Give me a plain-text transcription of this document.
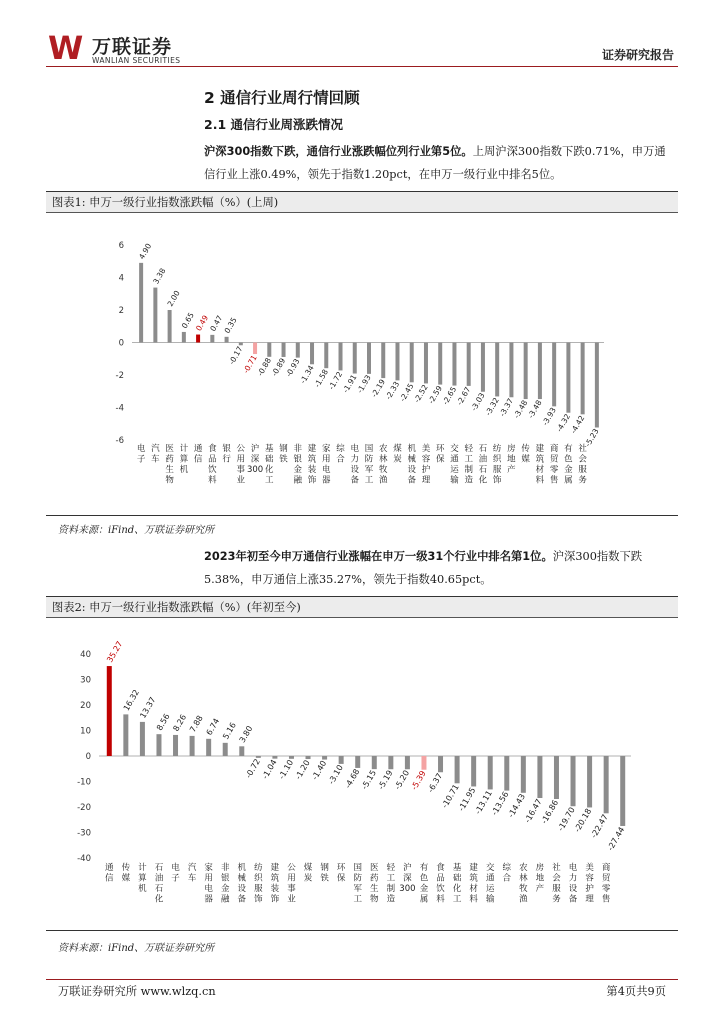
W 万联证券
WANLIAN SECURITIES	证券研究报告
2 通信行业周行情回顾
2.1 通信行业周涨跌情况
沪深300指数下跌，通信行业涨跌幅位列行业第5位。上周沪深300指数下跌0.71%，申万通信行业上涨0.49%，领先于指数1.20pct，在申万一级行业中排名5位。
图表1: 申万一级行业指数涨跌幅（%）(上周)
6
4
2
0
-2
-4
-6
4.90
3.38
2.00
0.65
0.49
0.47
0.35
-0.17
-0.71
-0.88
-0.89
-0.93
-1.34
-1.58
-1.72
-1.91
-1.93
-2.19
-2.33
-2.45
-2.52
-2.59
-2.65
-2.67
-3.03
-3.32
-3.37
-3.48
-3.48
-3.93
-4.32
-4.42
-5.23
电子
汽车
医药生物
计算机
通信
食品饮料
银行
公用事业
沪深 300
基础化工
钢铁
非银金融
建筑装饰
家用电器
综合
电力设备
国防军工
农林牧渔
煤炭
机械设备
美容护理
环保
交通运输
轻工制造
石油石化
纺织服饰
房地产
传媒
建筑材料
商贸零售
有色金属
社会服务
资料来源：iFind、万联证券研究所
2023年初至今申万通信行业涨幅在申万一级31个行业中排名第1位。沪深300指数下跌5.38%，申万通信上涨35.27%，领先于指数40.65pct。
图表2: 申万一级行业指数涨跌幅（%）(年初至今)
40
30
20
10
0
-10
-20
-30
-40
35.27
16.32
13.37
8.56 8.26 7.88 6.74 5.16 3.80
-0.72
-1.04
-1.10
-1.20
-1.40
-3.10
-4.68
-5.15
-5.19
-5.20
-5.39
-6.37
-10.71
-11.95
-13.11
-13.56
-14.43
-16.47
-16.86
-19.70
-20.18
-22.47
-27.44
通信
传媒
计算机
石油石化
电子
汽车
家用电器
非银金融
机械设备
纺织服饰
建筑装饰
公用事业
煤炭
钢铁
环保
国防军工
医药生物
轻工制造
沪深 300
有色金属
食品饮料
基础化工
建筑材料
交通运输
综合
农林牧渔
房地产
社会服务
电力设备
美容护理
商贸零售
资料来源：iFind、万联证券研究所
万联证券研究所 www.wlzq.cn	第4页共9页
